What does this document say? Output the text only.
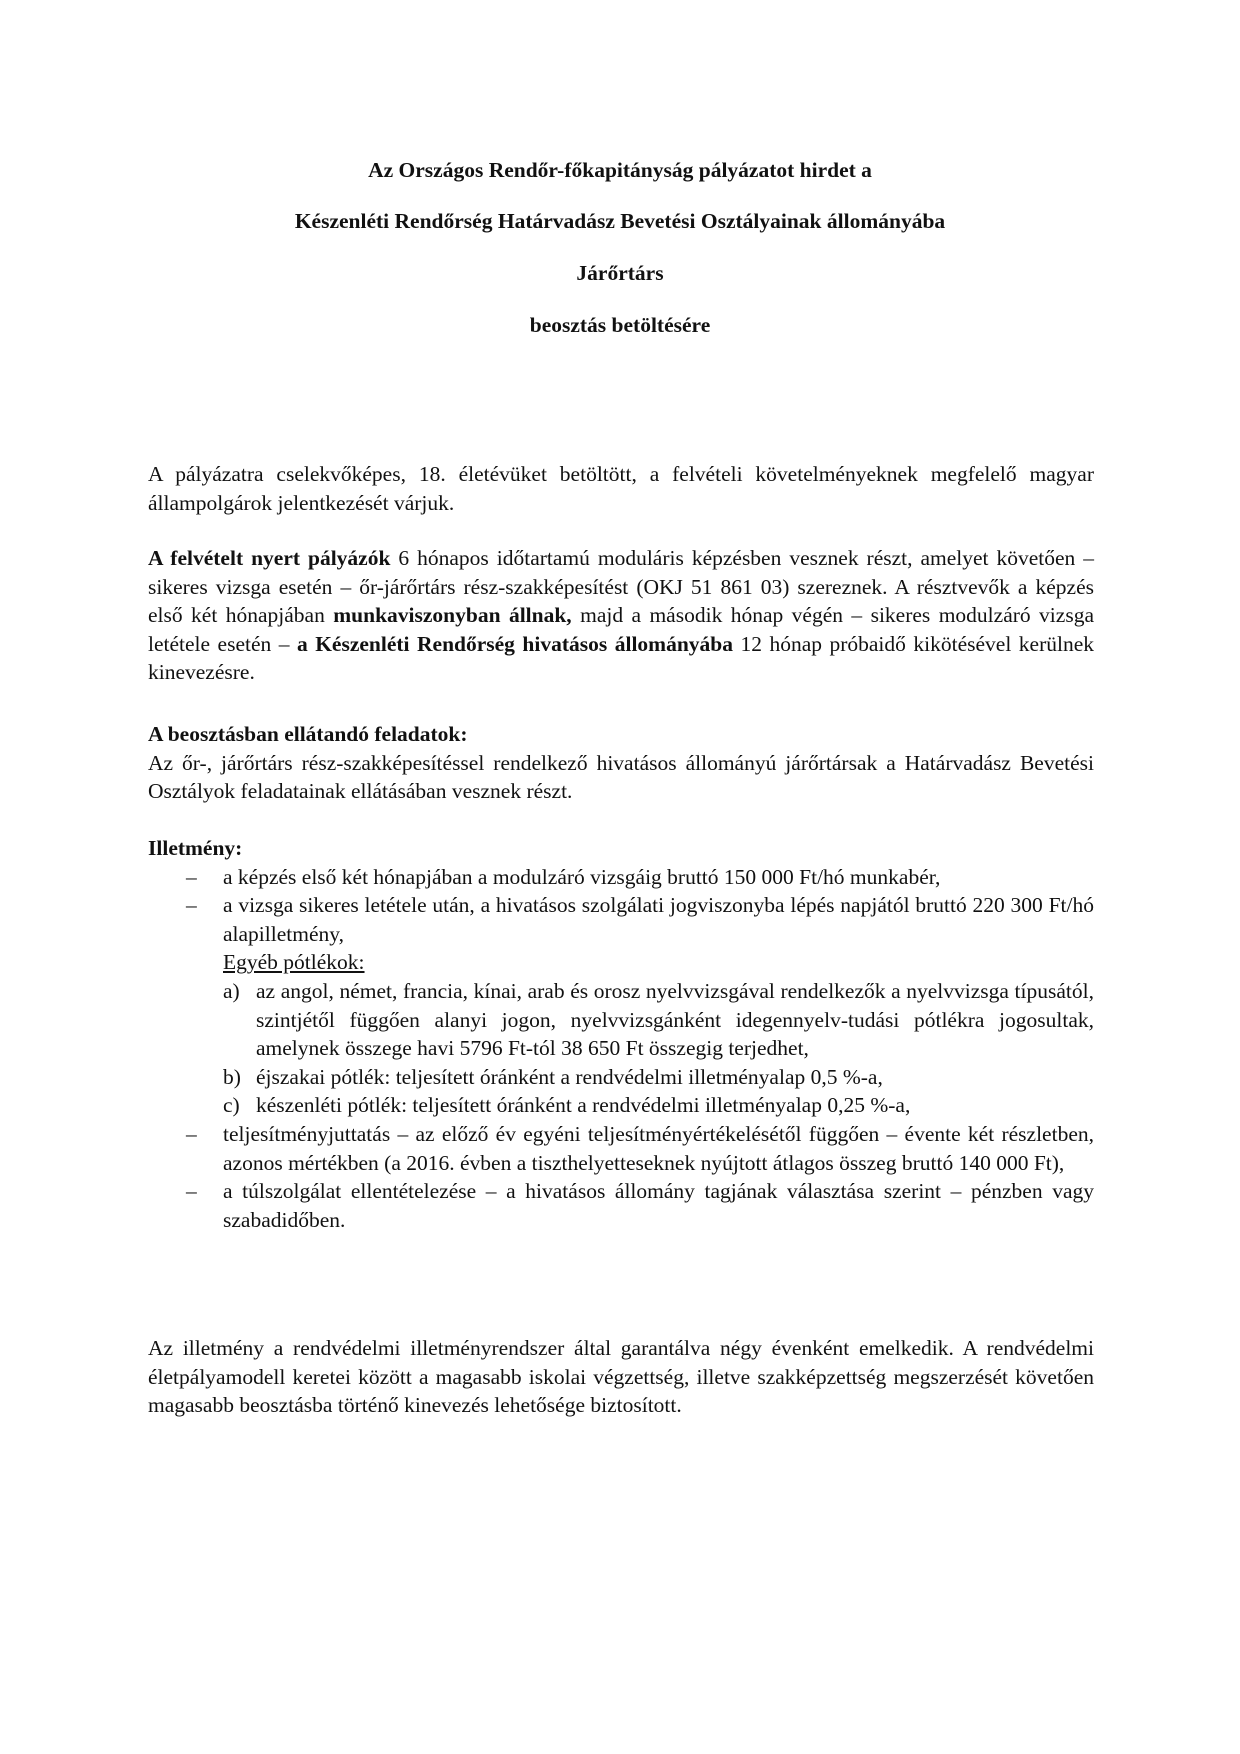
Az Országos Rendőr-főkapitányság pályázatot hirdet a

Készenléti Rendőrség Határvadász Bevetési Osztályainak állományába

Járőrtárs

beosztás betöltésére

A pályázatra cselekvőképes, 18. életévüket betöltött, a felvételi követelményeknek megfelelő magyar állampolgárok jelentkezését várjuk.

A felvételt nyert pályázók 6 hónapos időtartamú moduláris képzésben vesznek részt, amelyet követően – sikeres vizsga esetén – őr-járőrtárs rész-szakképesítést (OKJ 51 861 03) szereznek. A résztvevők a képzés első két hónapjában munkaviszonyban állnak, majd a második hónap végén – sikeres modulzáró vizsga letétele esetén – a Készenléti Rendőrség hivatásos állományába 12 hónap próbaidő kikötésével kerülnek kinevezésre.

A beosztásban ellátandó feladatok:

Az őr-, járőrtárs rész-szakképesítéssel rendelkező hivatásos állományú járőrtársak a Határvadász Bevetési Osztályok feladatainak ellátásában vesznek részt.

Illetmény:

– a képzés első két hónapjában a modulzáró vizsgáig bruttó 150 000 Ft/hó munkabér,
– a vizsga sikeres letétele után, a hivatásos szolgálati jogviszonyba lépés napjától bruttó 220 300 Ft/hó alapilletmény,
Egyéb pótlékok:
a) az angol, német, francia, kínai, arab és orosz nyelvvizsgával rendelkezők a nyelvvizsga típusától, szintjétől függően alanyi jogon, nyelvvizsgánként idegennyelv-tudási pótlékra jogosultak, amelynek összege havi 5796 Ft-tól 38 650 Ft összegig terjedhet,
b) éjszakai pótlék: teljesített óránként a rendvédelmi illetményalap 0,5 %-a,
c) készenléti pótlék: teljesített óránként a rendvédelmi illetményalap 0,25 %-a,
– teljesítményjuttatás – az előző év egyéni teljesítményértékelésétől függően – évente két részletben, azonos mértékben (a 2016. évben a tiszthelyetteseknek nyújtott átlagos összeg bruttó 140 000 Ft),
– a túlszolgálat ellentételezése – a hivatásos állomány tagjának választása szerint – pénzben vagy szabadidőben.

Az illetmény a rendvédelmi illetményrendszer által garantálva négy évenként emelkedik. A rendvédelmi életpályamodell keretei között a magasabb iskolai végzettség, illetve szakképzettség megszerzését követően magasabb beosztásba történő kinevezés lehetősége biztosított.
